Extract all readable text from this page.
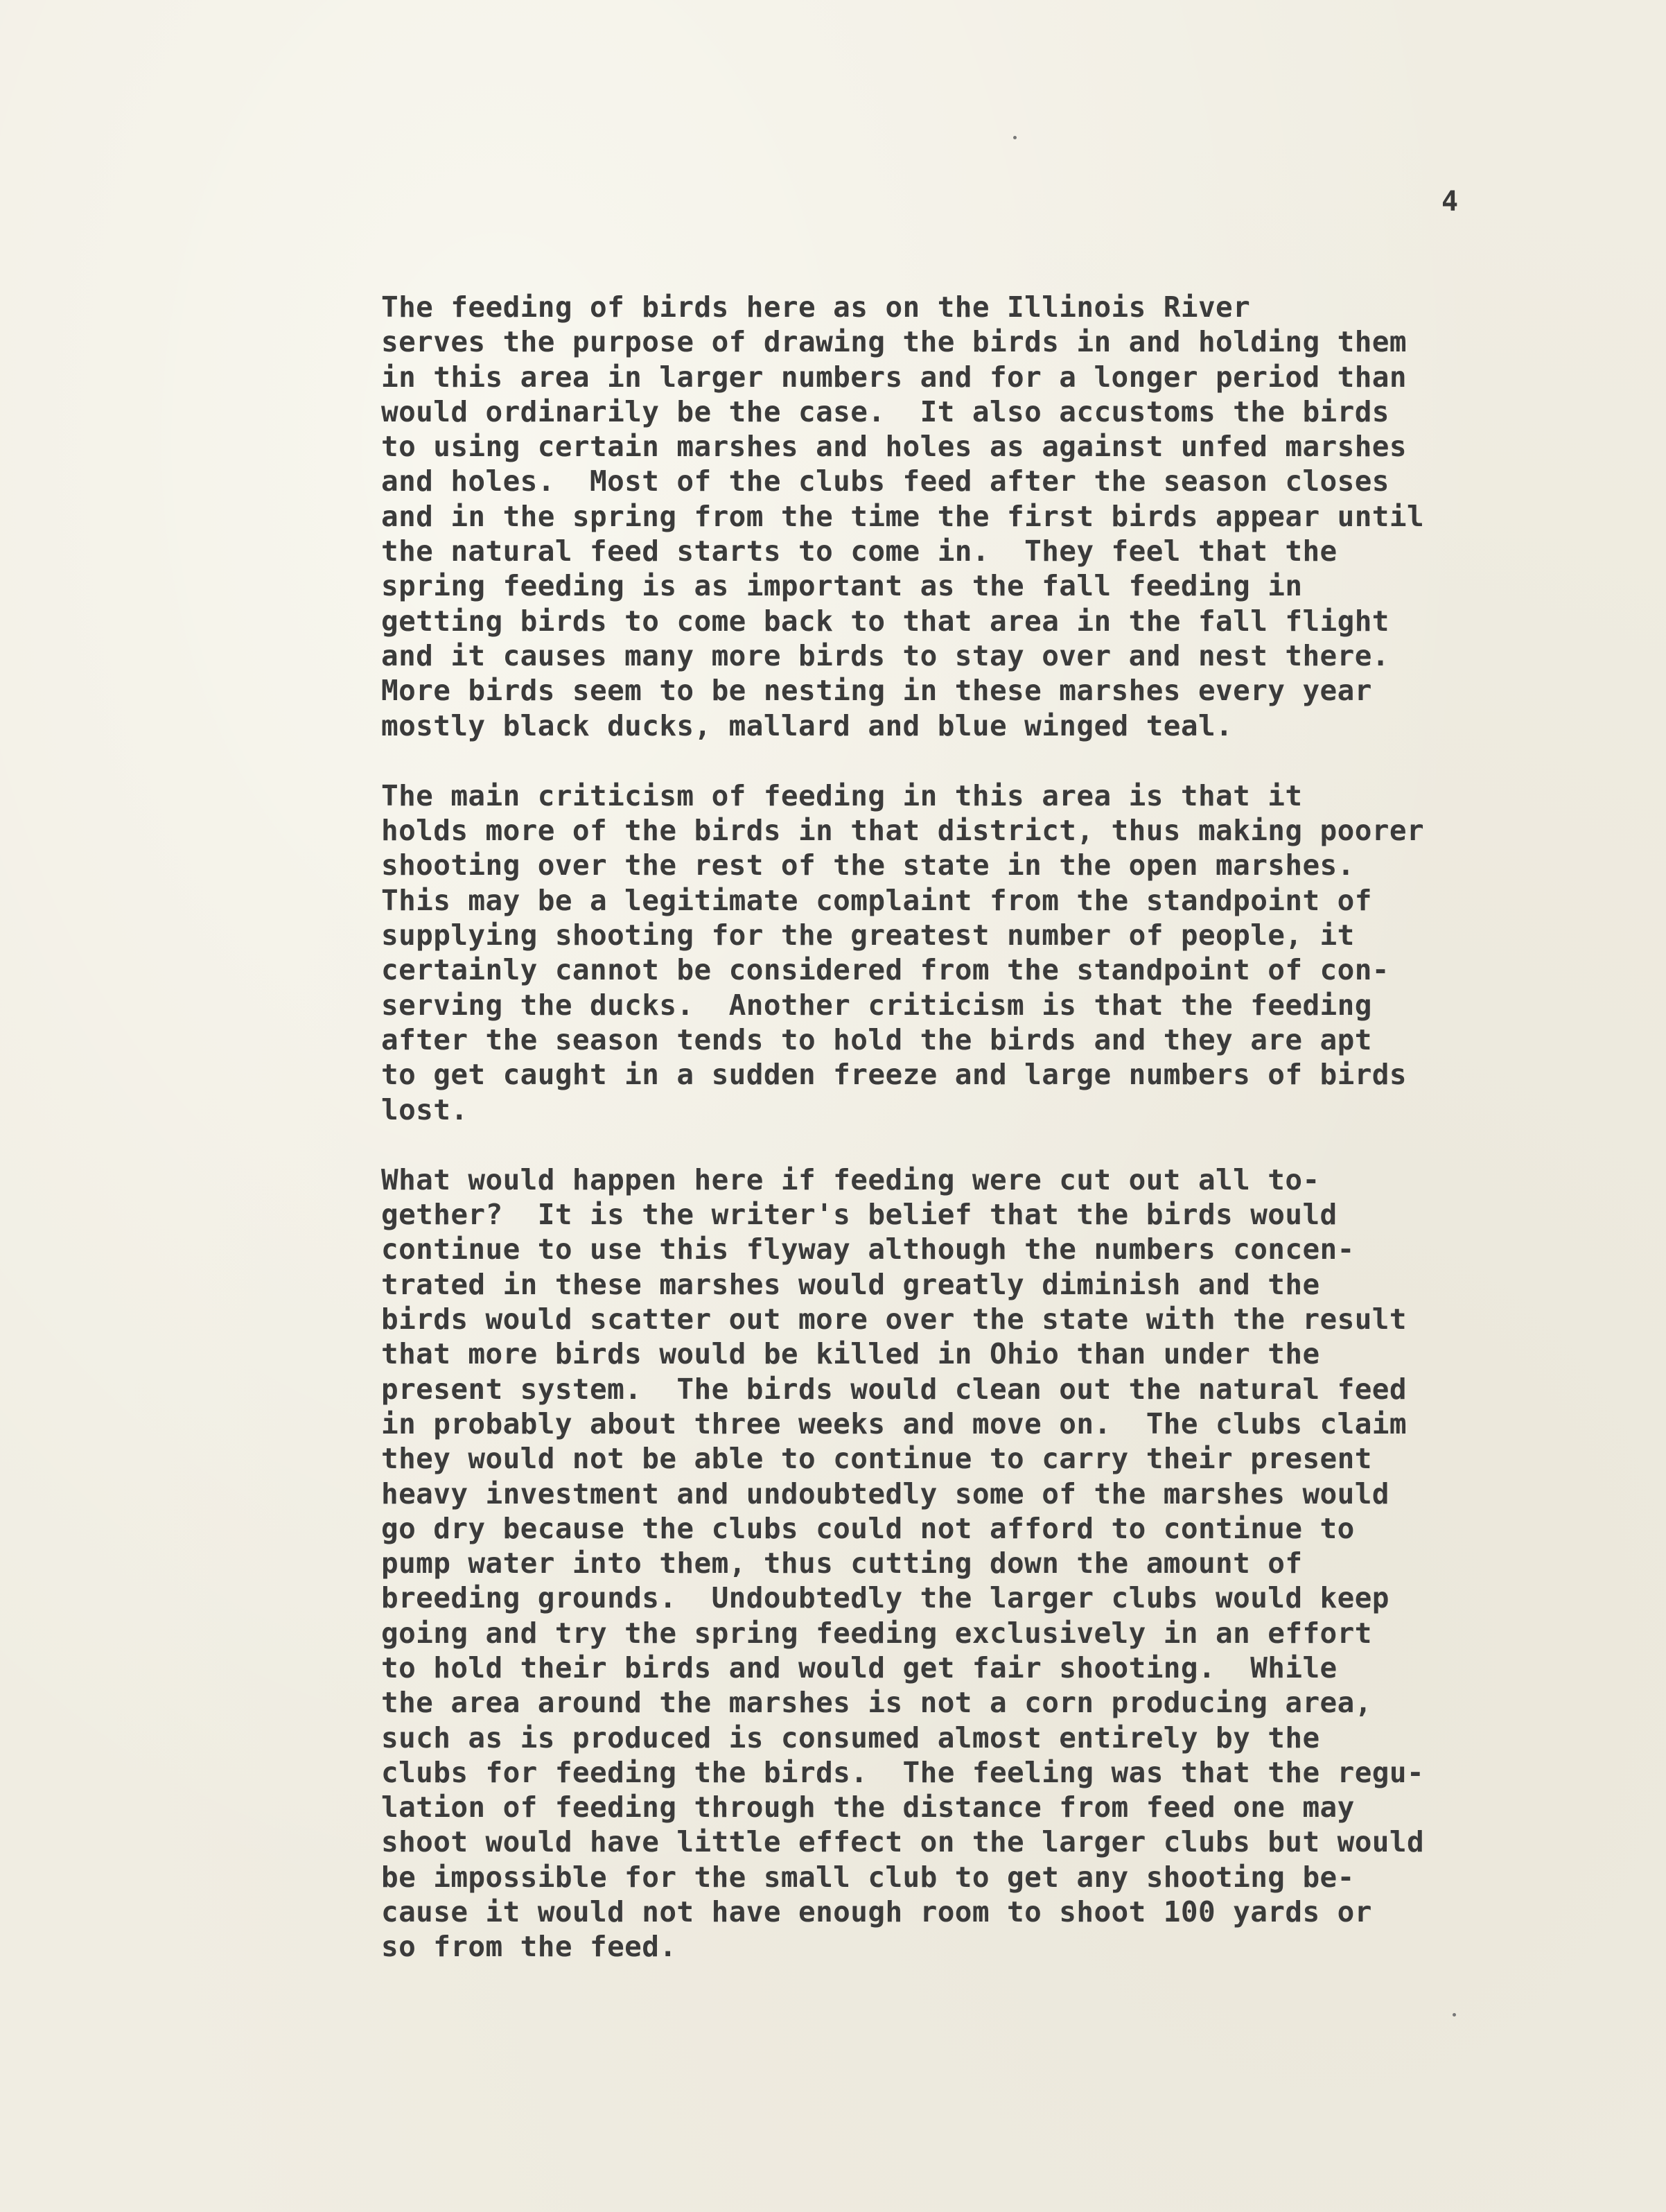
4

The feeding of birds here as on the Illinois River

serves the purpose of drawing the birds in and holding them
in this area in larger numbers and for a longer period than
would ordinarily be the case.  It also accustoms the birds
to using certain marshes and holes as against unfed marshes
and holes.  Most of the clubs feed after the season closes
and in the spring from the time the first birds appear until
the natural feed starts to come in.  They feel that the
spring feeding is as important as the fall feeding in
getting birds to come back to that area in the fall flight
and it causes many more birds to stay over and nest there.
More birds seem to be nesting in these marshes every year
mostly black ducks, mallard and blue winged teal.

The main criticism of feeding in this area is that it

holds more of the birds in that district, thus making poorer
shooting over the rest of the state in the open marshes.
This may be a legitimate complaint from the standpoint of
supplying shooting for the greatest number of people, it
certainly cannot be considered from the standpoint of con-
serving the ducks.  Another criticism is that the feeding
after the season tends to hold the birds and they are apt
to get caught in a sudden freeze and large numbers of birds
lost.

What would happen here if feeding were cut out all to-

gether?  It is the writer's belief that the birds would
continue to use this flyway although the numbers concen-
trated in these marshes would greatly diminish and the
birds would scatter out more over the state with the result
that more birds would be killed in Ohio than under the
present system.  The birds would clean out the natural feed
in probably about three weeks and move on.  The clubs claim
they would not be able to continue to carry their present
heavy investment and undoubtedly some of the marshes would
go dry because the clubs could not afford to continue to
pump water into them, thus cutting down the amount of
breeding grounds.  Undoubtedly the larger clubs would keep
going and try the spring feeding exclusively in an effort
to hold their birds and would get fair shooting.  While
the area around the marshes is not a corn producing area,
such as is produced is consumed almost entirely by the
clubs for feeding the birds.  The feeling was that the regu-
lation of feeding through the distance from feed one may
shoot would have little effect on the larger clubs but would
be impossible for the small club to get any shooting be-
cause it would not have enough room to shoot 100 yards or
so from the feed.
